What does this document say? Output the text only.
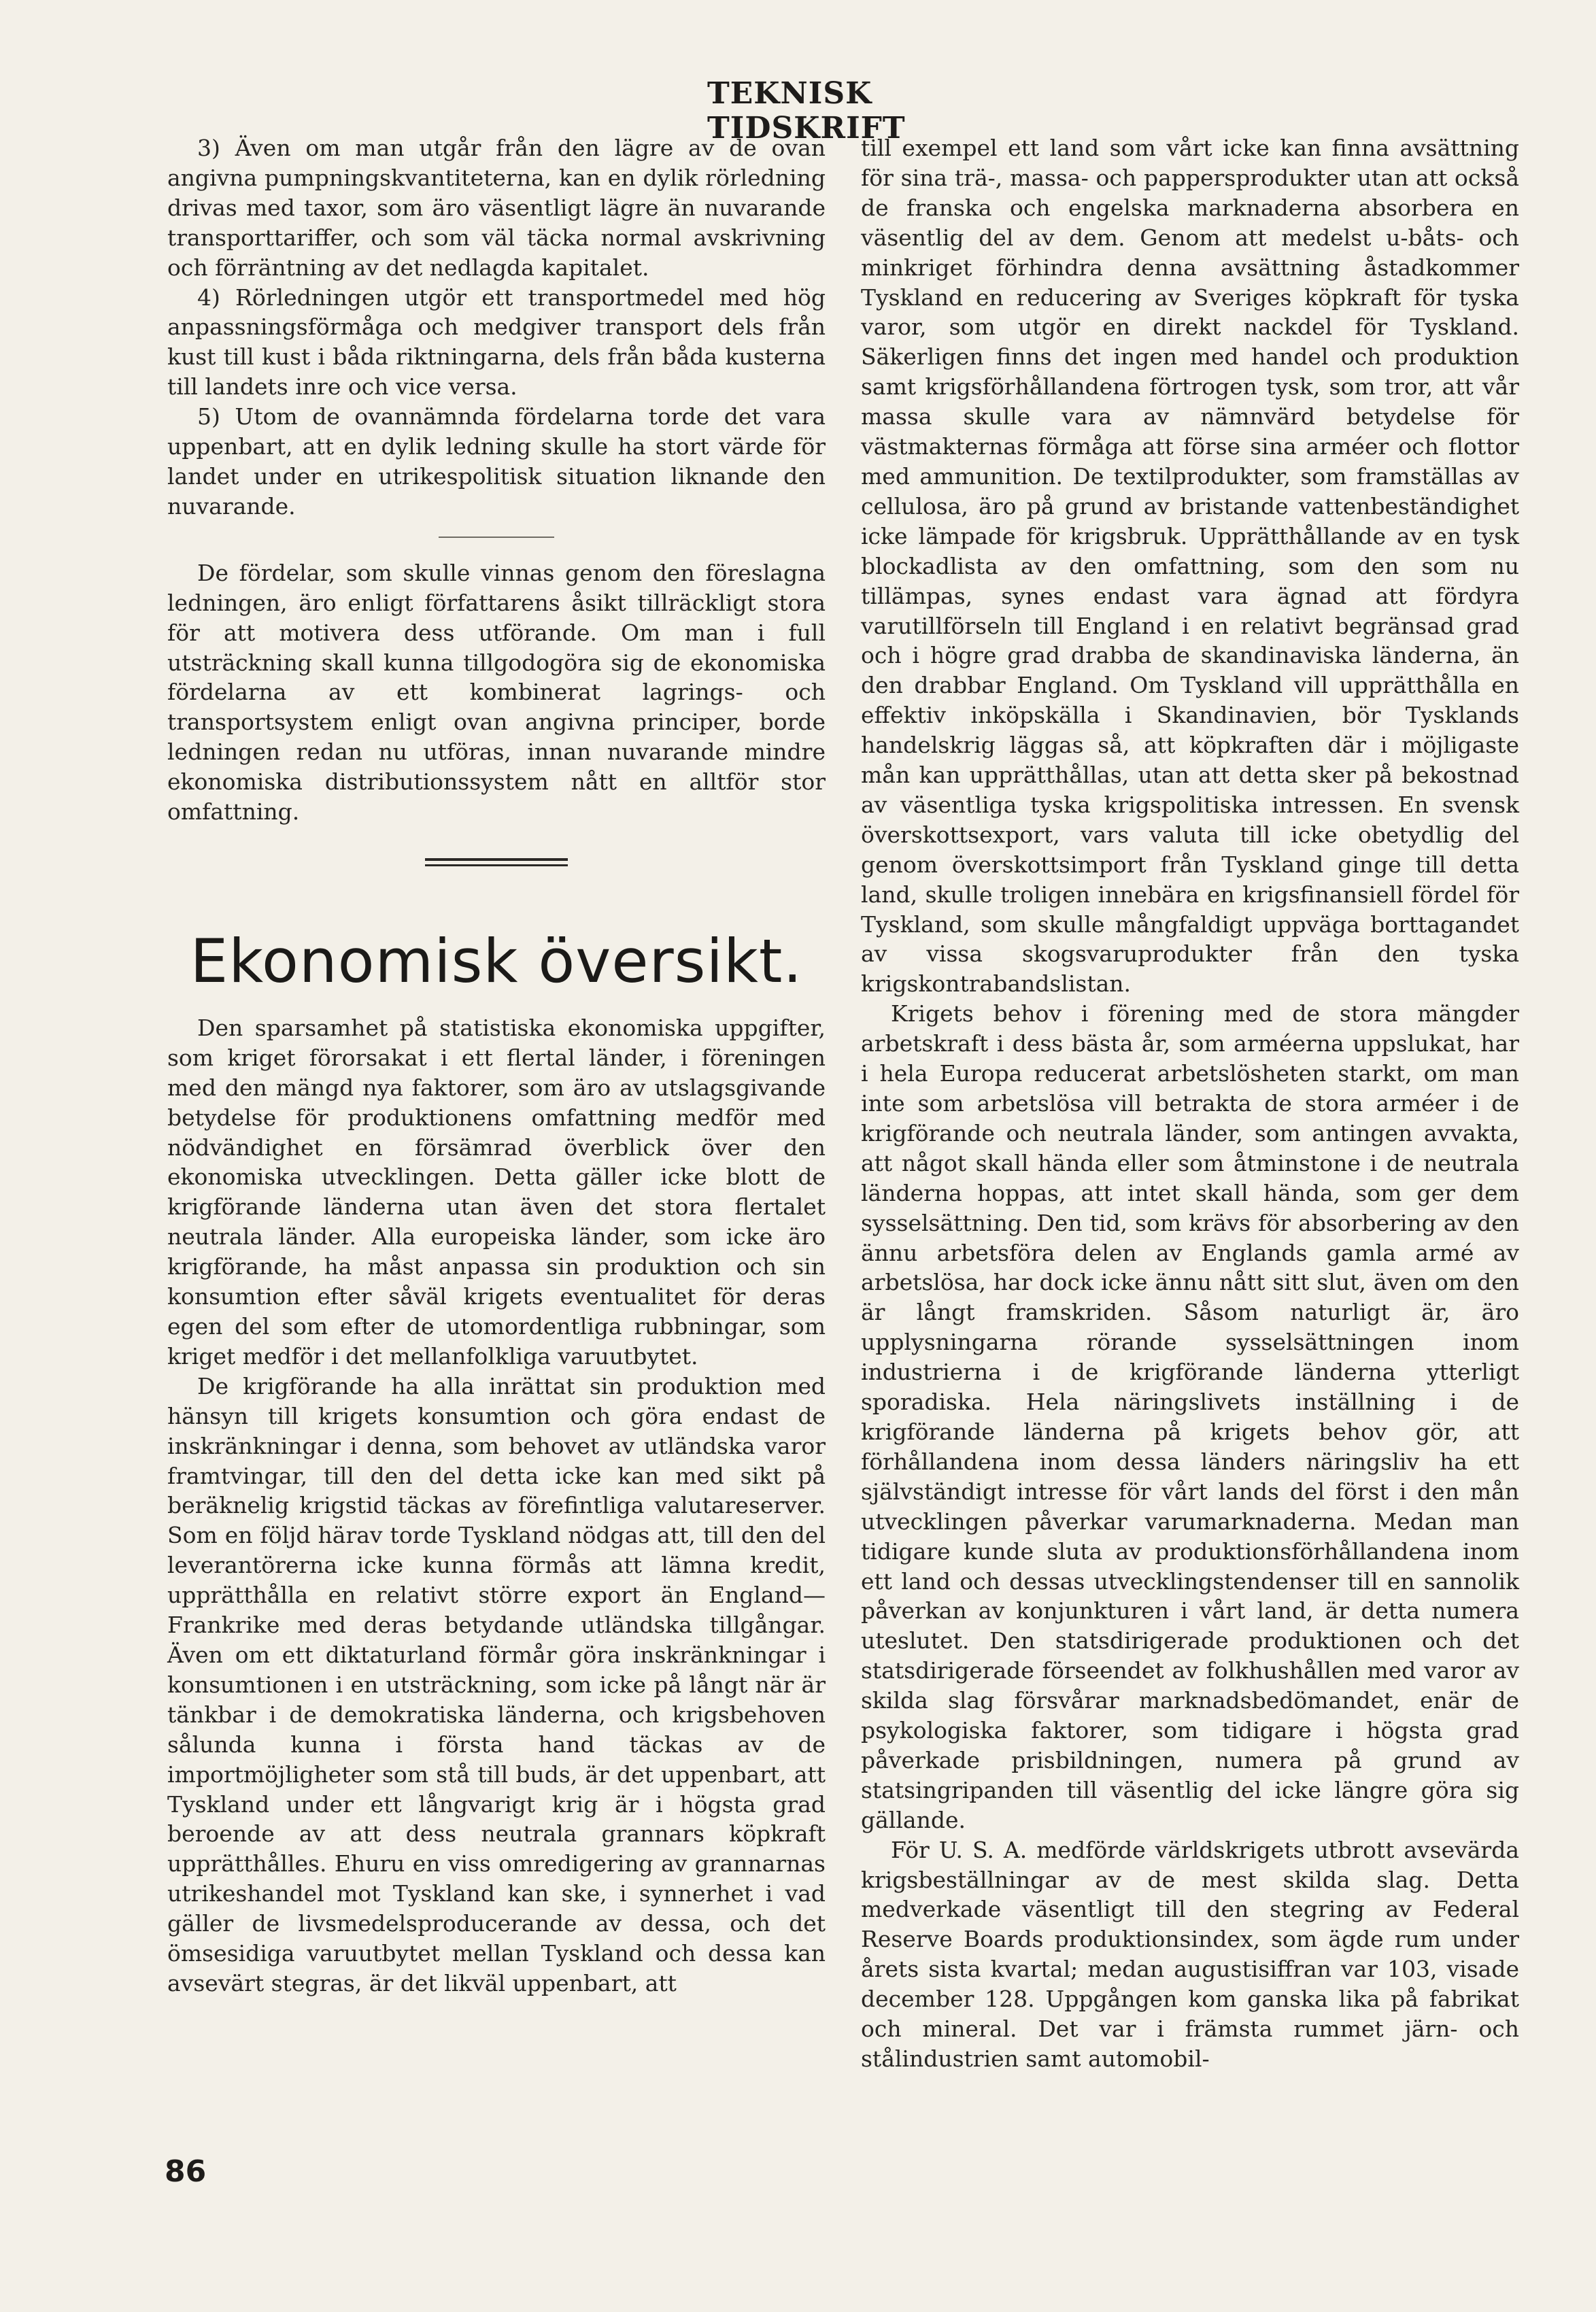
TEKNISK TIDSKRIFT

3) Även om man utgår från den lägre av de ovan angivna pumpningskvantiteterna, kan en dylik rörledning drivas med taxor, som äro väsentligt lägre än nuvarande transporttariffer, och som väl täcka normal avskrivning och förräntning av det nedlagda kapitalet.

4) Rörledningen utgör ett transportmedel med hög anpassningsförmåga och medgiver transport dels från kust till kust i båda riktningarna, dels från båda kusterna till landets inre och vice versa.

5) Utom de ovannämnda fördelarna torde det vara uppenbart, att en dylik ledning skulle ha stort värde för landet under en utrikespolitisk situation liknande den nuvarande.

De fördelar, som skulle vinnas genom den föreslagna ledningen, äro enligt författarens åsikt tillräckligt stora för att motivera dess utförande. Om man i full utsträckning skall kunna tillgodogöra sig de ekonomiska fördelarna av ett kombinerat lagrings- och transportsystem enligt ovan angivna principer, borde ledningen redan nu utföras, innan nuvarande mindre ekonomiska distributionssystem nått en alltför stor omfattning.

Ekonomisk översikt.

Den sparsamhet på statistiska ekonomiska uppgifter, som kriget förorsakat i ett flertal länder, i föreningen med den mängd nya faktorer, som äro av utslagsgivande betydelse för produktionens omfattning medför med nödvändighet en försämrad överblick över den ekonomiska utvecklingen. Detta gäller icke blott de krigförande länderna utan även det stora flertalet neutrala länder. Alla europeiska länder, som icke äro krigförande, ha måst anpassa sin produktion och sin konsumtion efter såväl krigets eventualitet för deras egen del som efter de utomordentliga rubbningar, som kriget medför i det mellanfolkliga varuutbytet.

De krigförande ha alla inrättat sin produktion med hänsyn till krigets konsumtion och göra endast de inskränkningar i denna, som behovet av utländska varor framtvingar, till den del detta icke kan med sikt på beräknelig krigstid täckas av förefintliga valutareserver. Som en följd härav torde Tyskland nödgas att, till den del leverantörerna icke kunna förmås att lämna kredit, upprätthålla en relativt större export än England—Frankrike med deras betydande utländska tillgångar. Även om ett diktaturland förmår göra inskränkningar i konsumtionen i en utsträckning, som icke på långt när är tänkbar i de demokratiska länderna, och krigsbehoven sålunda kunna i första hand täckas av de importmöjligheter som stå till buds, är det uppenbart, att Tyskland under ett långvarigt krig är i högsta grad beroende av att dess neutrala grannars köpkraft upprätthålles. Ehuru en viss omredigering av grannarnas utrikeshandel mot Tyskland kan ske, i synnerhet i vad gäller de livsmedelsproducerande av dessa, och det ömsesidiga varuutbytet mellan Tyskland och dessa kan avsevärt stegras, är det likväl uppenbart, att

till exempel ett land som vårt icke kan finna avsättning för sina trä-, massa- och pappersprodukter utan att också de franska och engelska marknaderna absorbera en väsentlig del av dem. Genom att medelst u-båts- och minkriget förhindra denna avsättning åstadkommer Tyskland en reducering av Sveriges köpkraft för tyska varor, som utgör en direkt nackdel för Tyskland. Säkerligen finns det ingen med handel och produktion samt krigsförhållandena förtrogen tysk, som tror, att vår massa skulle vara av nämnvärd betydelse för västmakternas förmåga att förse sina arméer och flottor med ammunition. De textilprodukter, som framställas av cellulosa, äro på grund av bristande vattenbeständighet icke lämpade för krigsbruk. Upprätthållande av en tysk blockadlista av den omfattning, som den som nu tillämpas, synes endast vara ägnad att fördyra varutillförseln till England i en relativt begränsad grad och i högre grad drabba de skandinaviska länderna, än den drabbar England. Om Tyskland vill upprätthålla en effektiv inköpskälla i Skandinavien, bör Tysklands handelskrig läggas så, att köpkraften där i möjligaste mån kan upprätthållas, utan att detta sker på bekostnad av väsentliga tyska krigspolitiska intressen. En svensk överskottsexport, vars valuta till icke obetydlig del genom överskottsimport från Tyskland ginge till detta land, skulle troligen innebära en krigsfinansiell fördel för Tyskland, som skulle mångfaldigt uppväga borttagandet av vissa skogsvaruprodukter från den tyska krigskontrabandslistan.

Krigets behov i förening med de stora mängder arbetskraft i dess bästa år, som arméerna uppslukat, har i hela Europa reducerat arbetslösheten starkt, om man inte som arbetslösa vill betrakta de stora arméer i de krigförande och neutrala länder, som antingen avvakta, att något skall hända eller som åtminstone i de neutrala länderna hoppas, att intet skall hända, som ger dem sysselsättning. Den tid, som krävs för absorbering av den ännu arbetsföra delen av Englands gamla armé av arbetslösa, har dock icke ännu nått sitt slut, även om den är långt framskriden. Såsom naturligt är, äro upplysningarna rörande sysselsättningen inom industrierna i de krigförande länderna ytterligt sporadiska. Hela näringslivets inställning i de krigförande länderna på krigets behov gör, att förhållandena inom dessa länders näringsliv ha ett självständigt intresse för vårt lands del först i den mån utvecklingen påverkar varumarknaderna. Medan man tidigare kunde sluta av produktionsförhållandena inom ett land och dessas utvecklingstendenser till en sannolik påverkan av konjunkturen i vårt land, är detta numera uteslutet. Den statsdirigerade produktionen och det statsdirigerade förseendet av folkhushållen med varor av skilda slag försvårar marknadsbedömandet, enär de psykologiska faktorer, som tidigare i högsta grad påverkade prisbildningen, numera på grund av statsingripanden till väsentlig del icke längre göra sig gällande.

För U. S. A. medförde världskrigets utbrott avsevärda krigsbeställningar av de mest skilda slag. Detta medverkade väsentligt till den stegring av Federal Reserve Boards produktionsindex, som ägde rum under årets sista kvartal; medan augustisiffran var 103, visade december 128. Uppgången kom ganska lika på fabrikat och mineral. Det var i främsta rummet järn- och stålindustrien samt automobil-

86
